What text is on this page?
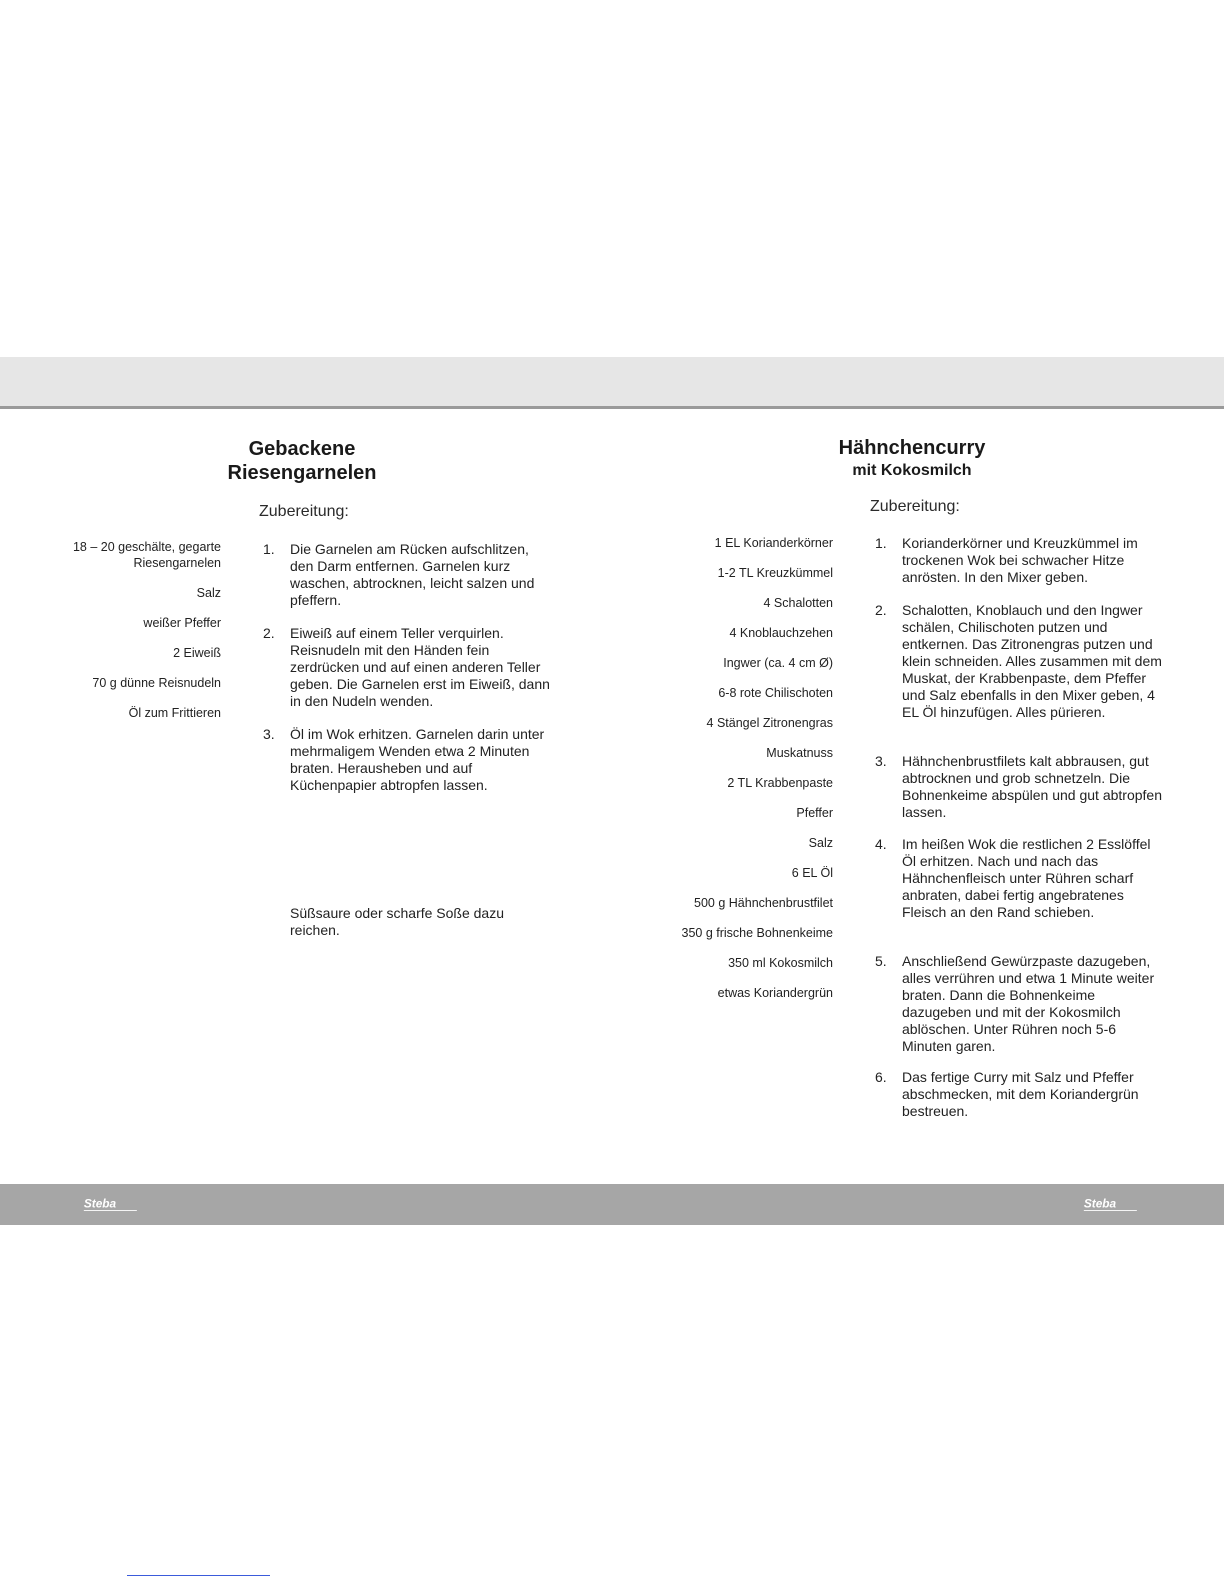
Gebackene
Riesengarnelen
Zubereitung:
18 – 20 geschälte, gegarte
Riesengarnelen
Salz
weißer Pfeffer
2 Eiweiß
70 g dünne Reisnudeln
Öl zum Frittieren
1. Die Garnelen am Rücken aufschlitzen, den Darm entfernen. Garnelen kurz waschen, abtrocknen, leicht salzen und pfeffern.
2. Eiweiß auf einem Teller verquirlen. Reisnudeln mit den Händen fein zerdrücken und auf einen anderen Teller geben. Die Garnelen erst im Eiweiß, dann in den Nudeln wenden.
3. Öl im Wok erhitzen. Garnelen darin unter mehrmaligem Wenden etwa 2 Minuten braten. Herausheben und auf Küchenpapier abtropfen lassen.
Süßsaure oder scharfe Soße dazu reichen.
Hähnchencurry
mit Kokosmilch
Zubereitung:
1 EL Korianderkörner
1-2 TL Kreuzkümmel
4 Schalotten
4 Knoblauchzehen
Ingwer (ca. 4 cm Ø)
6-8 rote Chilischoten
4 Stängel Zitronengras
Muskatnuss
2 TL Krabbenpaste
Pfeffer
Salz
6 EL Öl
500 g Hähnchenbrustfilet
350 g frische Bohnenkeime
350 ml Kokosmilch
etwas Koriandergrün
1. Korianderkörner und Kreuzkümmel im trockenen Wok bei schwacher Hitze anrösten. In den Mixer geben.
2. Schalotten, Knoblauch und den Ingwer schälen, Chilischoten putzen und entkernen. Das Zitronengras putzen und klein schneiden. Alles zusammen mit dem Muskat, der Krabbenpaste, dem Pfeffer und Salz ebenfalls in den Mixer geben, 4 EL Öl hinzufügen. Alles pürieren.
3. Hähnchenbrustfilets kalt abbrausen, gut abtrocknen und grob schnetzeln. Die Bohnenkeime abspülen und gut abtropfen lassen.
4. Im heißen Wok die restlichen 2 Esslöffel Öl erhitzen. Nach und nach das Hähnchenfleisch unter Rühren scharf anbraten, dabei fertig angebratenes Fleisch an den Rand schieben.
5. Anschließend Gewürzpaste dazugeben, alles verrühren und etwa 1 Minute weiter braten. Dann die Bohnenkeime dazugeben und mit der Kokosmilch ablöschen. Unter Rühren noch 5-6 Minuten garen.
6. Das fertige Curry mit Salz und Pfeffer abschmecken, mit dem Koriandergrün bestreuen.
Steba	Steba
